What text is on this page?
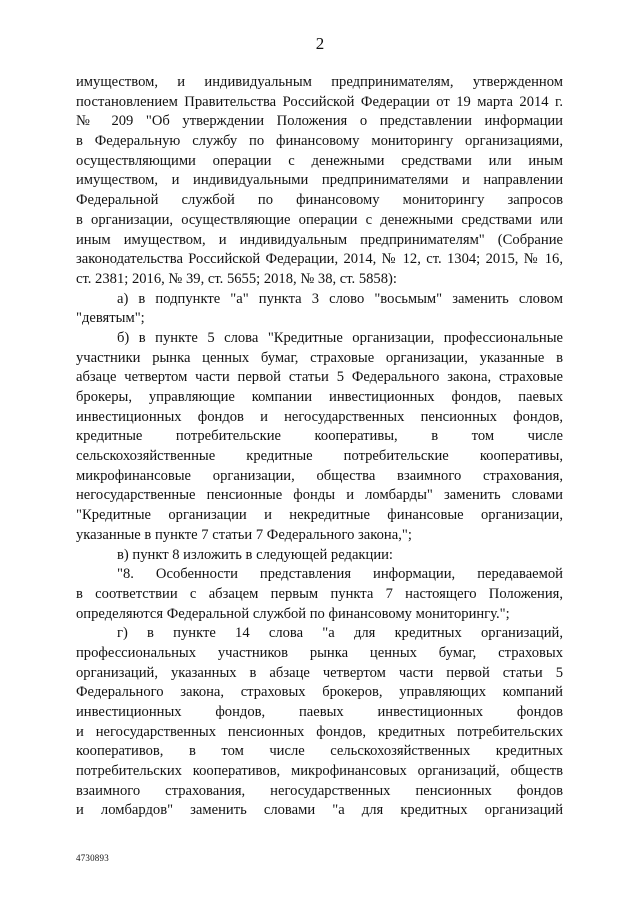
2
имуществом, и индивидуальным предпринимателям, утвержденном
постановлением Правительства Российской Федерации от 19 марта 2014 г.
№ 209 "Об утверждении Положения о представлении информации
в Федеральную службу по финансовому мониторингу организациями,
осуществляющими операции с денежными средствами или иным
имуществом, и индивидуальными предпринимателями и направлении
Федеральной службой по финансовому мониторингу запросов
в организации, осуществляющие операции с денежными средствами или
иным имуществом, и индивидуальным предпринимателям" (Собрание
законодательства Российской Федерации, 2014, № 12, ст. 1304; 2015, № 16,
ст. 2381; 2016, № 39, ст. 5655; 2018, № 38, ст. 5858):
а) в подпункте "а" пункта 3 слово "восьмым" заменить словом
"девятым";
б) в пункте 5 слова "Кредитные организации, профессиональные
участники рынка ценных бумаг, страховые организации, указанные в
абзаце четвертом части первой статьи 5 Федерального закона, страховые
брокеры, управляющие компании инвестиционных фондов, паевых
инвестиционных фондов и негосударственных пенсионных фондов,
кредитные потребительские кооперативы, в том числе
сельскохозяйственные кредитные потребительские кооперативы,
микрофинансовые организации, общества взаимного страхования,
негосударственные пенсионные фонды и ломбарды" заменить словами
"Кредитные организации и некредитные финансовые организации,
указанные в пункте 7 статьи 7 Федерального закона,";
в) пункт 8 изложить в следующей редакции:
"8. Особенности представления информации, передаваемой
в соответствии с абзацем первым пункта 7 настоящего Положения,
определяются Федеральной службой по финансовому мониторингу.";
г) в пункте 14 слова "а для кредитных организаций,
профессиональных участников рынка ценных бумаг, страховых
организаций, указанных в абзаце четвертом части первой статьи 5
Федерального закона, страховых брокеров, управляющих компаний
инвестиционных фондов, паевых инвестиционных фондов
и негосударственных пенсионных фондов, кредитных потребительских
кооперативов, в том числе сельскохозяйственных кредитных
потребительских кооперативов, микрофинансовых организаций, обществ
взаимного страхования, негосударственных пенсионных фондов
и ломбардов" заменить словами "а для кредитных организаций
4730893
